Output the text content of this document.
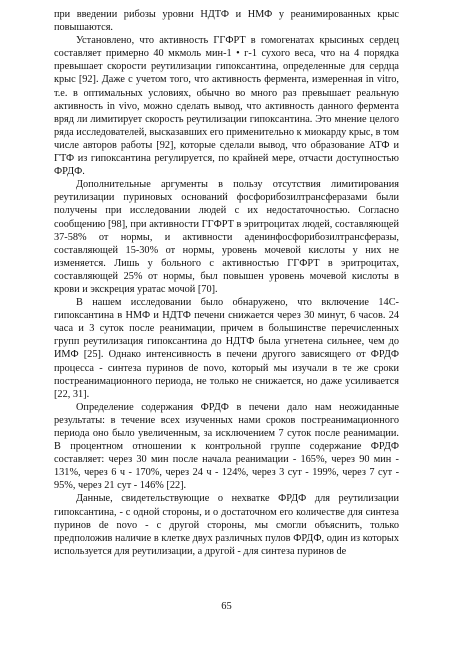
при введении рибозы уровни НДТФ и НМФ у реанимированных крыс повышаются.

Установлено, что активность ГГФРТ в гомогенатах крысиных сердец составляет примерно 40 мкмоль мин-1 • г-1 сухого веса, что на 4 порядка превышает скорости реутилизации гипоксантина, определенные для сердца крыс [92]. Даже с учетом того, что активность фермента, измеренная in vitro, т.е. в оптимальных условиях, обычно во много раз превышает реальную активность in vivo, можно сделать вывод, что активность данного фермента вряд ли лимитирует скорость реутилизации гипоксантина. Это мнение целого ряда исследователей, высказавших его применительно к миокарду крыс, в том числе авторов работы [92], которые сделали вывод, что образование АТФ и ГТФ из гипоксантина регулируется, по крайней мере, отчасти доступностью ФРДФ.

Дополнительные аргументы в пользу отсутствия лимитирования реутилизации пуриновых оснований фосфорибозилтрансферазами были получены при исследовании людей с их недостаточностью. Согласно сообщению [98], при активности ГГФРТ в эритроцитах людей, составляющей 37-58% от нормы, и активности аденинфосфорибозилтрансферазы, составляющей 15-30% от нормы, уровень мочевой кислоты у них не изменяется. Лишь у больного с активностью ГГФРТ в эритроцитах, составляющей 25% от нормы, был повышен уровень мочевой кислоты в крови и экскреция уратас мочой [70].

В нашем исследовании было обнаружено, что включение 14С-гипоксантина в НМФ и НДТФ печени снижается через 30 минут, 6 часов. 24 часа и 3 суток после реанимации, причем в большинстве перечисленных групп реутилизация гипоксантина до НДТФ была угнетена сильнее, чем до ИМФ [25]. Однако интенсивность в печени другого зависящего от ФРДФ процесса - синтеза пуринов de novo, который мы изучали в те же сроки постреанимационного периода, не только не снижается, но даже усиливается [22, 31].

Определение содержания ФРДФ в печени дало нам неожиданные результаты: в течение всех изученных нами сроков постреанимационного периода оно было увеличенным, за исключением 7 суток после реанимации. В процентном отношении к контрольной группе содержание ФРДФ составляет: через 30 мин после начала реанимации - 165%, через 90 мин - 131%, через 6 ч - 170%, через 24 ч - 124%, через 3 сут - 199%, через 7 сут - 95%, через 21 сут - 146% [22].

Данные, свидетельствующие о нехватке ФРДФ для реутилизации гипоксантина, - с одной стороны, и о достаточном его количестве для синтеза пуринов de novo - с другой стороны, мы смогли объяснить, только предположив наличие в клетке двух различных пулов ФРДФ, один из которых используется для реутилизации, а другой - для синтеза пуринов de

65
